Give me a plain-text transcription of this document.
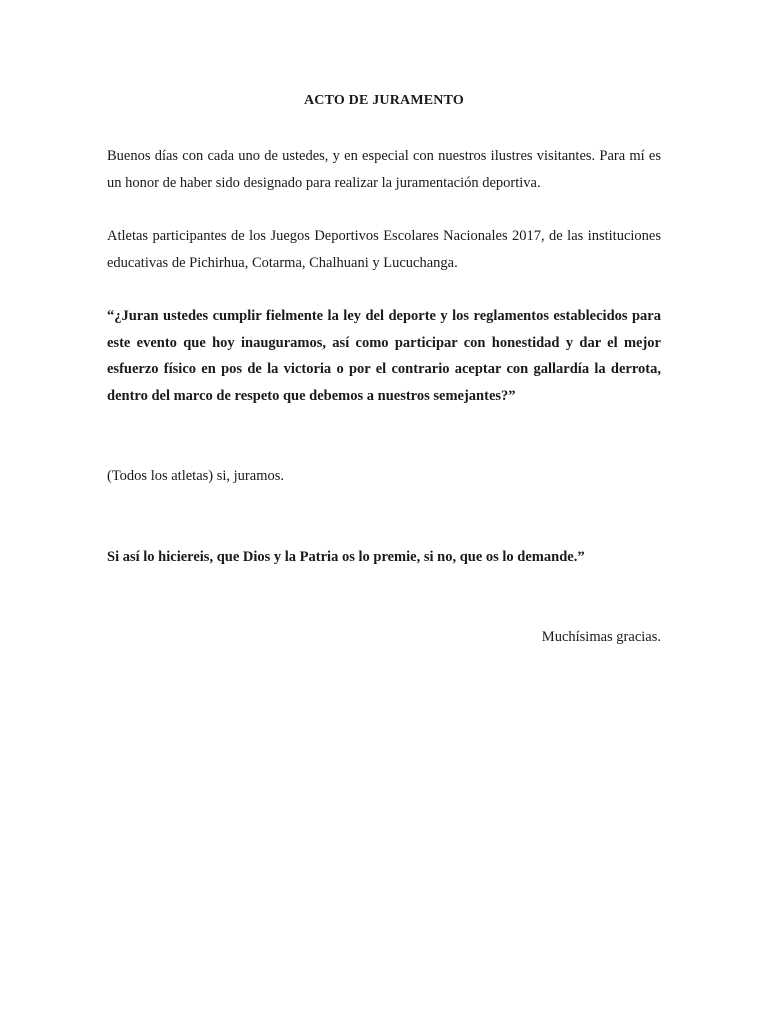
ACTO DE JURAMENTO

Buenos días con cada uno de ustedes, y en especial con nuestros ilustres visitantes. Para mí es un honor de haber sido designado para realizar la juramentación deportiva.

Atletas participantes de los Juegos Deportivos Escolares Nacionales 2017, de las instituciones educativas de Pichirhua, Cotarma, Chalhuani y Lucuchanga.

“¿Juran ustedes cumplir fielmente la ley del deporte y los reglamentos establecidos para este evento que hoy inauguramos, así como participar con honestidad y dar el mejor esfuerzo físico en pos de la victoria o por el contrario aceptar con gallardía la derrota, dentro del marco de respeto que debemos a nuestros semejantes?”

(Todos los atletas) si, juramos.

Si así lo hiciereis, que Dios y la Patria os lo premie, si no, que os lo demande.”

Muchísimas gracias.
